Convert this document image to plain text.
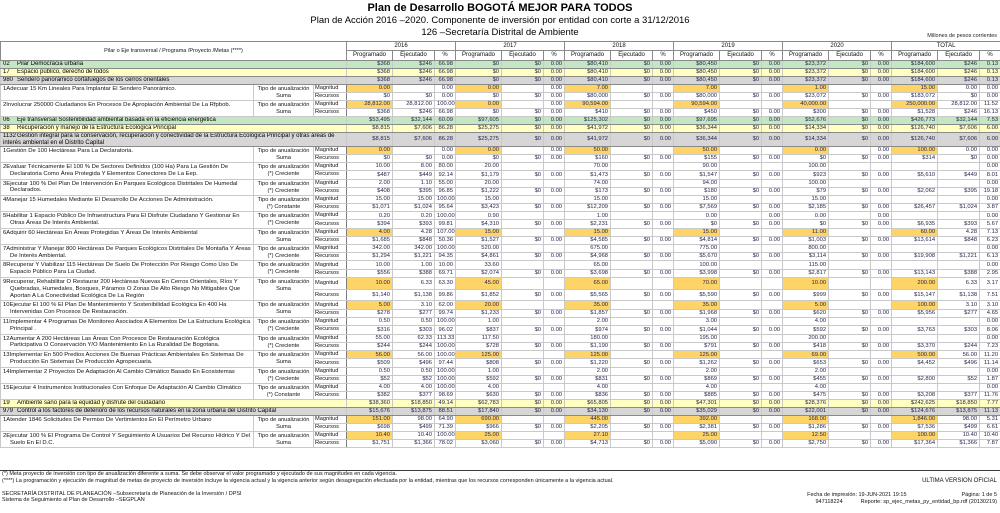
Plan de Desarrollo BOGOTÁ MEJOR PARA TODOS
Plan de Acción 2016 –2020. Componente de inversión por entidad con corte a 31/12/2016
126 –Secretaría Distrital de Ambiente	Millones de pesos corrientes
Pilar o Eje transversal / Programa /Proyecto /Metas (****)			2016			2017			2018			2019			2020			TOTAL		
			Programado	Ejecutado	%	Programado	Ejecutado	%	Programado	Ejecutado	%	Programado	Ejecutado	%	Programado	Ejecutado	%	Programado	Ejecutado	%
02 Pilar Democracia urbana			$368	$246	66.98	$0	$0	0.00	$80,410	$0	0.00	$80,450	$0	0.00	$23,372	$0	0.00	$184,600	$246	0.13
17 Espacio público, derecho de todos			$368	$246	66.98	$0	$0	0.00	$80,410	$0	0.00	$80,450	$0	0.00	$23,372	$0	0.00	$184,600	$246	0.13
980 Sendero panorámico cortafuegos de los cerros orientales			$368	$246	66.98	$0	$0	0.00	$80,410	$0	0.00	$80,450	$0	0.00	$23,372	$0	0.00	$184,600	$246	0.13
1Adecuar 15 Km Lineales Para Implantar El Sendero Panorámico.	Tipo de anualización
Suma	Magnitud	0.00		0.00	0.00		0.00	7.00			7.00			1.00			15.00	0.00	0.00
		Recursos	$0	$0	0.00	$0	$0	0.00	$80,000	$0	0.00	$80,000	$0	0.00	$23,072	$0	0.00	$183,072	$0	0.00
2Involucrar 250000 Ciudadanos En Procesos De Apropiación Ambiental De La Rfpbob.	Tipo de anualización
Suma	Magnitud	28,812.00	28,812.00	100.00	0.00		0.00	90,594.00			90,594.00			40,000.00			250,000.00	28,812.00	11.52
		Recursos	$368	$246	66.98	$0	$0	0.00	$410	$0	0.00	$450	$0	0.00	$300	$0	0.00	$1,528	$246	16.13
06 Eje transversal Sostenibilidad ambiental basada en la eficiencia energética			$53,495	$32,144	60.09	$97,605	$0	0.00	$125,302	$0	0.00	$97,695	$0	0.00	$52,676	$0	0.00	$426,773	$32,144	7.53
38 Recuperación y manejo de la Estructura Ecológica Principal			$8,815	$7,606	86.28	$25,275	$0	0.00	$41,972	$0	0.00	$36,344	$0	0.00	$14,334	$0	0.00	$126,740	$7,606	6.00
1132Gestión integral para la conservación, recuperación y conectividad de la Estructura Ecológica Principal y otras áreas de interés ambiental en el Distrito Capital			$8,815	$7,606	86.28	$25,275	$0	0.00	$41,972	$0	0.00	$36,344	$0	0.00	$14,334	$0	0.00	$126,740	$7,606	6.00
1Gestión De 100 Hectáreas Para La Declaratoria.	Tipo de anualización
Suma	Magnitud	0.00		0.00	0.00		0.00	50.00			50.00			0.00		0.00	100.00	0.00	0.00
		Recursos	$0	$0	0.00	$0	$0	0.00	$160	$0	0.00	$155	$0	0.00	$0	$0	0.00	$314	$0	0.00
2Evaluar Técnicamente El 100 % De Sectores Definidos (100 Ha) Para La Gestión De Declaratoria Como Área Protegida Y Elementos Conectores De La Eep.	Tipo de anualización
(*) Creciente	Magnitud	10.00	8.00	80.00	20.00			70.00			90.00			100.00					0.00
		Recursos	$487	$449	92.14	$1,179	$0	0.00	$1,473	$0	0.00	$1,547	$0	0.00	$923	$0	0.00	$5,610	$449	8.01
3Ejecutar 100 % Del Plan De Intervención En Parques Ecológicos Distritales De Humedal Declarados.	Tipo de anualización
(*) Creciente	Magnitud	2.00	1.10	55.00	20.00			74.00			94.00			100.00					0.00
		Recursos	$408	$395	96.85	$1,222	$0	0.00	$173	$0	0.00	$180	$0	0.00	$79	$0	0.00	$2,062	$395	19.18
4Manejar 15 Humedales Mediante El Desarrollo De Acciones De Administración.	Tipo de anualización
(*) Constante	Magnitud	15.00	15.00	100.00	15.00			15.00			15.00			15.00					0.00
		Recursos	$1,071	$1,024	95.64	$3,423	$0	0.00	$12,209	$0	0.00	$7,569	$0	0.00	$2,185	$0	0.00	$26,457	$1,024	3.87
5Habilitar 1 Espacio Público De Infraestructura Para El Disfrute Ciudadano Y Gestionar En Otras Áreas De Interés Ambiental.	Tipo de anualización
(*) Creciente	Magnitud	0.20	0.20	100.00	0.90			1.00			0.00		0.00	0.00		0.00			0.00
		Recursos	$394	$393	99.81	$4,310	$0	0.00	$2,231	$0	0.00	$0	$0	0.00	$0	$0	0.00	$6,935	$393	5.67
6Adquirir 60 Hectáreas En Áreas Protegidas Y Áreas De Interés Ambiental	Tipo de anualización
Suma	Magnitud	4.00	4.28	107.00	15.00			15.00			15.00			11.00			60.00	4.28	7.13
		Recursos	$1,685	$848	50.36	$1,527	$0	0.00	$4,585	$0	0.00	$4,814	$0	0.00	$1,003	$0	0.00	$13,614	$848	6.23
7Administrar Y Manejar 800 Hectáreas De Parques Ecológicos Distritales De Montaña Y Áreas De Interés Ambiental.	Tipo de anualización
(*) Creciente	Magnitud	342.00	342.00	100.00	520.00			675.00			775.00			800.00					0.00
		Recursos	$1,294	$1,221	94.35	$4,861	$0	0.00	$4,968	$0	0.00	$5,670	$0	0.00	$3,114	$0	0.00	$19,908	$1,221	6.13
8Recuperar Y Viabilizar 115 Hectáreas De Suelo De Protección Por Riesgo Como Uso De Espacio Público Para La Ciudad.	Tipo de anualización
(*) Creciente	Magnitud	10.00	1.00	10.00	33.60			65.00			100.00			115.00					0.00
		Recursos	$556	$388	69.71	$2,074	$0	0.00	$3,698	$0	0.00	$3,998	$0	0.00	$2,817	$0	0.00	$13,143	$388	2.95
9Recuperar, Rehabilitar O Restaurar 200 Hectáreas Nuevas En Cerros Orientales, Ríos Y Quebradas, Humedales, Bosques, Páramos O Zonas De Alto Riesgo No Mitigables Que Aportan A La Conectividad Ecológica De La Región	Tipo de anualización
Suma	Magnitud	10.00	6.33	63.30	45.00			65.00			70.00			10.00			200.00	6.33	3.17
		Recursos	$1,140	$1,138	99.86	$1,852	$0	0.00	$5,565	$0	0.00	$5,590	$0	0.00	$999	$0	0.00	$15,147	$1,138	7.51
10Ejecutar El 100 % El Plan De Mantenimiento Y Sostenibilidad Ecológica En 400 Ha Intervenidas Con Procesos De Restauración.	Tipo de anualización
Suma	Magnitud	5.00	3.10	62.00	20.00			35.00			35.00			5.00			100.00	3.10	3.10
		Recursos	$278	$277	99.74	$1,233	$0	0.00	$1,857	$0	0.00	$1,968	$0	0.00	$620	$0	0.00	$5,956	$277	4.65
11Implementar 4 Programas De Monitoreo Asociados A Elementos De La Estructura Ecológica Principal .	Tipo de anualización
(*) Creciente	Magnitud	0.50	0.50	100.00	1.00			2.00			3.00			4.00					0.00
		Recursos	$316	$303	96.02	$837	$0	0.00	$974	$0	0.00	$1,044	$0	0.00	$592	$0	0.00	$3,763	$303	8.06
12Aumentar A 200 Hectáreas Las Áreas Con Procesos De Restauración Ecológica Participativa O Conservación Y/O Mantenimiento En La Ruralidad De Bogotana.	Tipo de anualización
(*) Creciente	Magnitud	55.00	62.33	113.33	117.50			180.00			195.00			200.00					0.00
		Recursos	$244	$244	100.00	$728	$0	0.00	$1,190	$0	0.00	$791	$0	0.00	$418	$0	0.00	$3,370	$244	7.23
13Implementar En 500 Predios Acciones De Buenas Prácticas Ambientales En Sistemas De Producción En Sistemas De Producción Agropecuaria.	Tipo de anualización
Suma	Magnitud	56.00	56.00	100.00	125.00			125.00			125.00			69.00			500.00	56.00	11.20
		Recursos	$509	$496	97.44	$808	$0	0.00	$1,220	$0	0.00	$1,262	$0	0.00	$653	$0	0.00	$4,452	$496	11.14
14Implementar 2 Proyectos De Adaptación Al Cambio Climático Basado En Ecosistemas	Tipo de anualización
(*) Creciente	Magnitud	0.50	0.50	100.00	1.00			2.00			2.00			2.00					0.00
		Recursos	$52	$52	100.00	$592	$0	0.00	$831	$0	0.00	$869	$0	0.00	$455	$0	0.00	$2,800	$52	1.87
15Ejecutar 4 Instrumentos Institucionales Con Enfoque De Adaptación Al Cambio Climático	Tipo de anualización
(*) Constante	Magnitud	4.00	4.00	100.00	4.00			4.00			4.00			4.00					0.00
		Recursos	$382	$377	98.69	$630	$0	0.00	$836	$0	0.00	$885	$0	0.00	$475	$0	0.00	$3,208	$377	11.76
19 Ambiente sano para la equidad y disfrute del ciudadano			$38,360	$18,850	49.14	$62,783	$0	0.00	$65,805	$0	0.00	$47,301	$0	0.00	$28,376	$0	0.00	$242,625	$18,850	7.77
979 Control a los factores de deterioro de los recursos naturales en la zona urbana del Distrito Capital			$15,676	$13,875	88.51	$17,840	$0	0.00	$34,130	$0	0.00	$35,029	$0	0.00	$22,001	$0	0.00	$124,676	$13,875	11.13
1Atender 1846 Solicitudes De Permiso De Vertimientos En El Perímetro Urbano	Tipo de anualización
Suma	Magnitud	151.00	98.00	64.90	690.00			445.00			392.00			168.00			1,846.00	98.00	5.31
		Recursos	$698	$499	71.39	$966	$0	0.00	$2,205	$0	0.00	$2,381	$0	0.00	$1,286	$0	0.00	$7,536	$499	6.61
2Ejecutar 100 % El Programa De Control Y Seguimiento A Usuarios Del Recurso Hídrico Y Del Suelo En El D.C.	Tipo de anualización
Suma	Magnitud	10.40	10.40	100.00	25.00			27.10			25.00			12.50			100.00	10.40	10.40
		Recursos	$1,751	$1,366	78.02	$3,060	$0	0.00	$4,713	$0	0.00	$5,090	$0	0.00	$2,750	$0	0.00	$17,364	$1,366	7.87
(*) Meta proyecto de inversión con tipo de anualización diferente a suma. Se debe observar el valor programado y ejecutado de sus magnitudes en cada vigencia.
(****) La programación y ejecución de magnitud de metas de proyecto de inversión incluye la vigencia actual y la vigencia anterior según desagregación efectuada por la entidad, mientras que los recursos corresponden únicamente a la vigencia actual.	ULTIMA VERSION OFICIAL
SECRETARÍA DISTRITAL DE PLANEACIÓN –Subsecretaría de Planeación de la Inversión / DPSI
Sistema de Seguimiento al Plan de Desarrollo –SEGPLAN
Fecha de impresión: 19-JUN-2021 19:15	Página: 1 de 5
947118224	Reporte: sp_ejec_metas_py_entidad_bp.rdf (20130219)
